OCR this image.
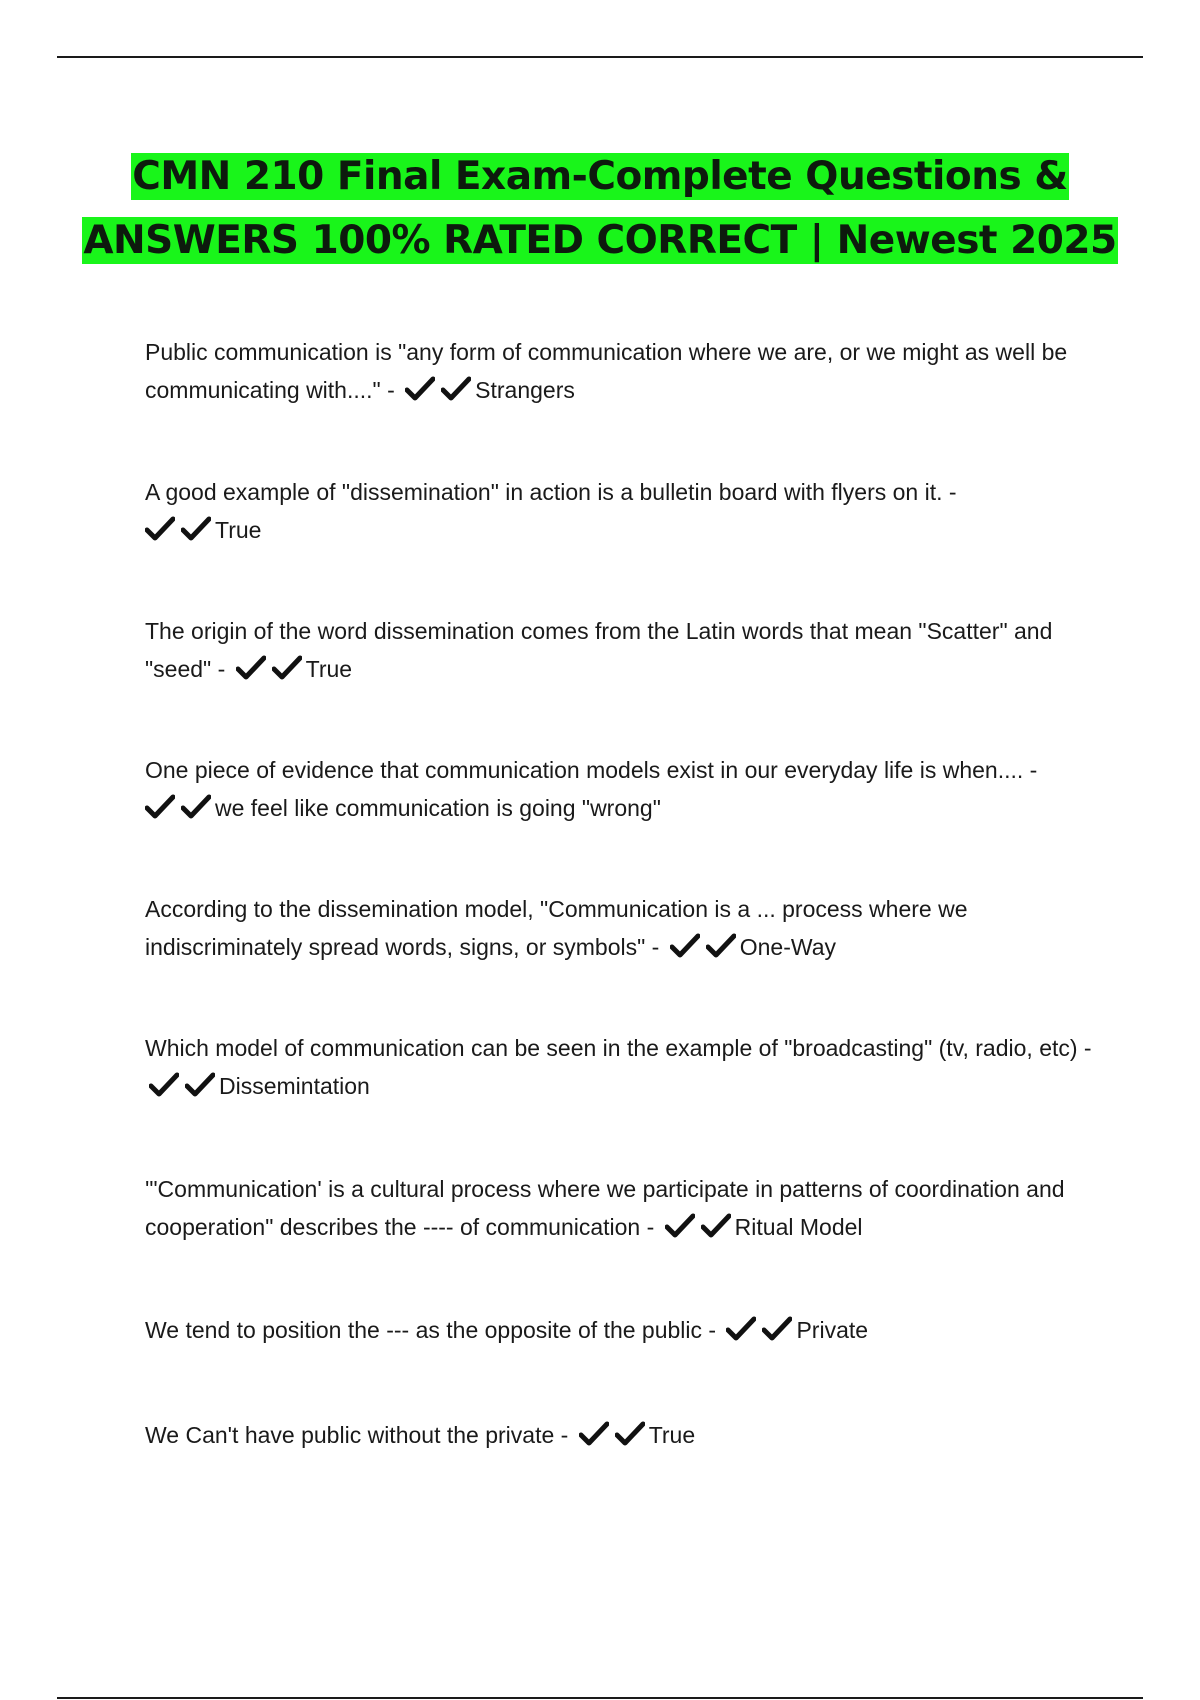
CMN 210 Final Exam-Complete Questions &
ANSWERS 100% RATED CORRECT | Newest 2025
Public communication is "any form of communication where we are, or we might as well be communicating with...." -	Strangers
A good example of "dissemination" in action is a bulletin board with flyers on it. -

True
The origin of the word dissemination comes from the Latin words that mean "Scatter" and "seed" -	True
One piece of evidence that communication models exist in our everyday life is when.... -

we feel like communication is going "wrong"
According to the dissemination model, "Communication is a ... process where we indiscriminately spread words, signs, or symbols" -	One-Way
Which model of communication can be seen in the example of "broadcasting" (tv, radio, etc) -
Dissemintation
'"Communication' is a cultural process where we participate in patterns of coordination and cooperation" describes the ---- of communication -	Ritual Model
We tend to position the --- as the opposite of the public -	Private
We Can't have public without the private -	True
